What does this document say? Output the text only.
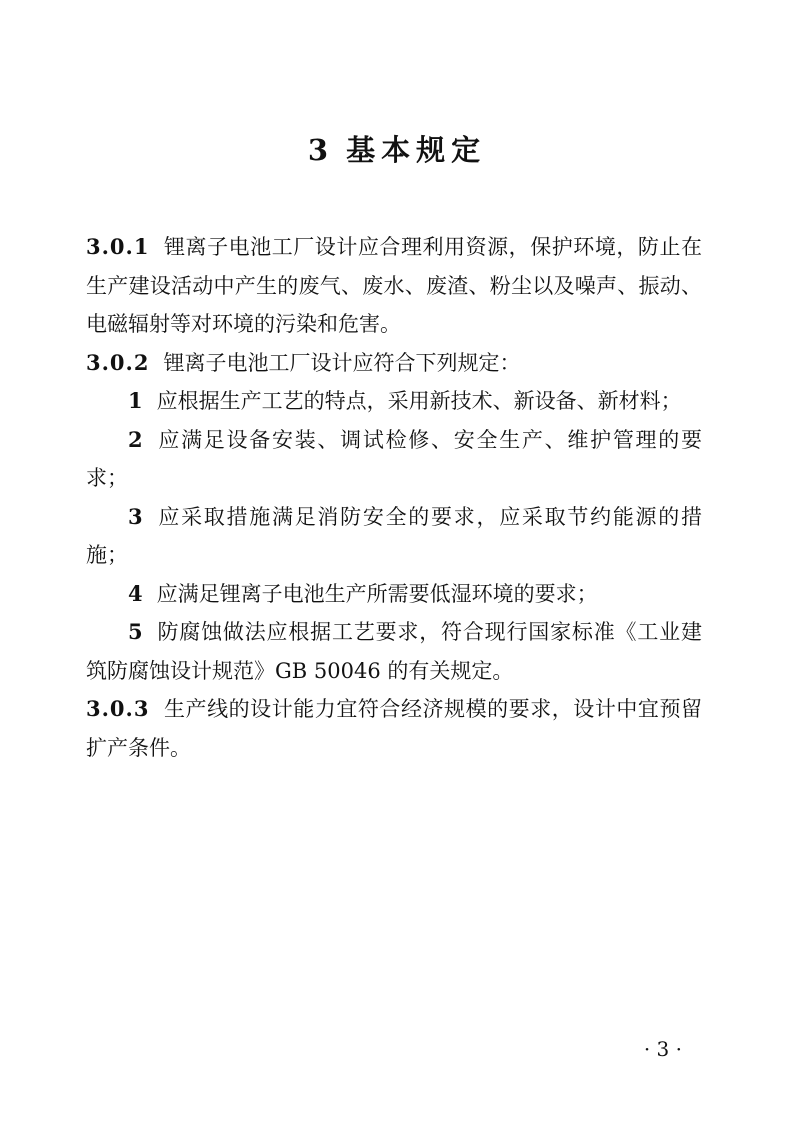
3 基本规定

3.0.1 锂离子电池工厂设计应合理利用资源，保护环境，防止在生产建设活动中产生的废气、废水、废渣、粉尘以及噪声、振动、电磁辐射等对环境的污染和危害。

3.0.2 锂离子电池工厂设计应符合下列规定：

1 应根据生产工艺的特点，采用新技术、新设备、新材料；

2 应满足设备安装、调试检修、安全生产、维护管理的要求；

3 应采取措施满足消防安全的要求，应采取节约能源的措施；

4 应满足锂离子电池生产所需要低湿环境的要求；

5 防腐蚀做法应根据工艺要求，符合现行国家标准《工业建筑防腐蚀设计规范》GB 50046 的有关规定。

3.0.3 生产线的设计能力宜符合经济规模的要求，设计中宜预留扩产条件。

· 3 ·
